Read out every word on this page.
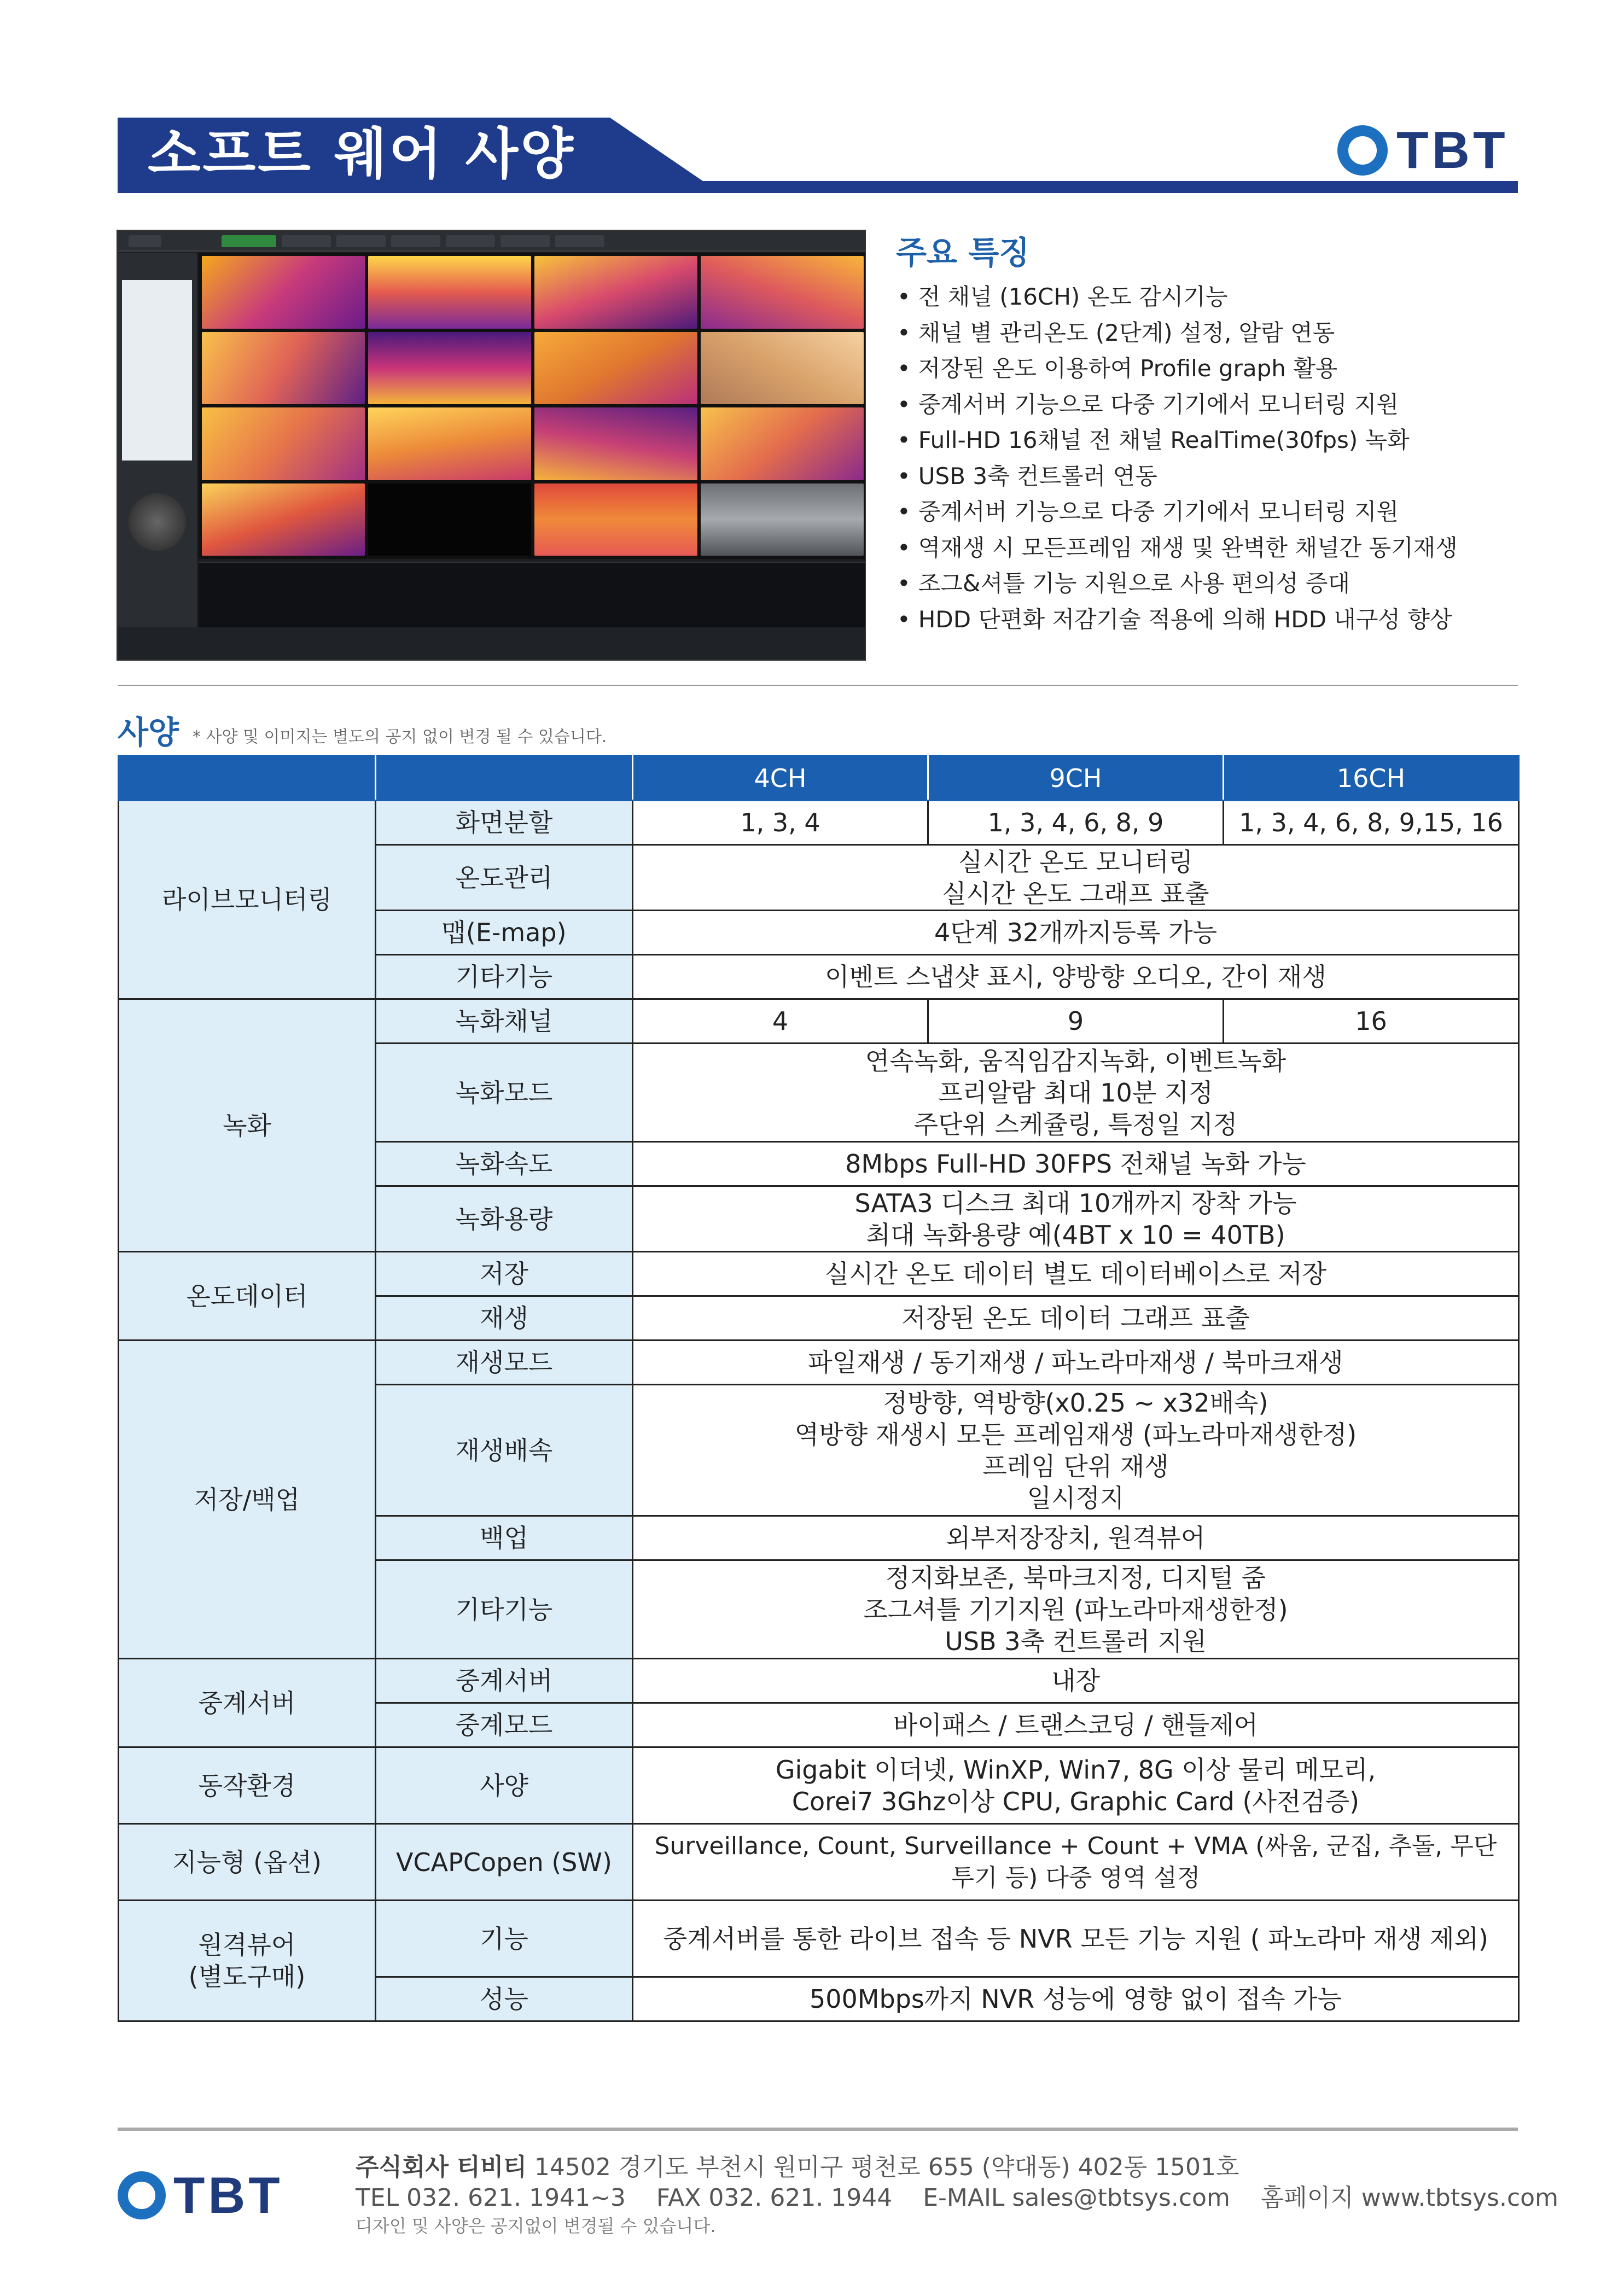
소프트 웨어 사양	TBT
주요 특징
• 전 채널 (16CH) 온도 감시기능
• 채널 별 관리온도 (2단계) 설정, 알람 연동
• 저장된 온도 이용하여 Profile graph 활용
• 중계서버 기능으로 다중 기기에서 모니터링 지원
• Full-HD 16채널 전 채널 RealTime(30fps) 녹화
• USB 3축 컨트롤러 연동
• 중계서버 기능으로 다중 기기에서 모니터링 지원
• 역재생 시 모든프레임 재생 및 완벽한 채널간 동기재생
• 조그&셔틀 기능 지원으로 사용 편의성 증대
• HDD 단편화 저감기술 적용에 의해 HDD 내구성 향상
사양 * 사양 및 이미지는 별도의 공지 없이 변경 될 수 있습니다.
		4CH	9CH	16CH
라이브모니터링	화면분할	1, 3, 4	1, 3, 4, 6, 8, 9	1, 3, 4, 6, 8, 9,15, 16
	온도관리	실시간 온도 모니터링
실시간 온도 그래프 표출		

	맵(E-map)	4단계 32개까지등록 가능		
	기타기능	이벤트 스냅샷 표시, 양방향 오디오, 간이 재생		
녹화	녹화채널	4	9	16
	녹화모드	연속녹화, 움직임감지녹화, 이벤트녹화
프리알람 최대 10분 지정
주단위 스케쥴링, 특정일 지정		

	녹화속도	8Mbps Full-HD 30FPS 전채널 녹화 가능		
	녹화용량	SATA3 디스크 최대 10개까지 장착 가능
최대 녹화용량 예(4BT x 10 = 40TB)		

온도데이터	저장	실시간 온도 데이터 별도 데이터베이스로 저장		
	재생	저장된 온도 데이터 그래프 표출		
저장/백업	재생모드	파일재생 / 동기재생 / 파노라마재생 / 북마크재생		
	재생배속	정방향, 역방향(x0.25 ~ x32배속)
역방향 재생시 모든 프레임재생 (파노라마재생한정)
프레임 단위 재생
일시정지		

	백업	외부저장장치, 원격뷰어		
	기타기능	정지화보존, 북마크지정, 디지털 줌
조그셔틀 기기지원 (파노라마재생한정)
USB 3축 컨트롤러 지원		

중계서버	중계서버	내장		
	중계모드	바이패스 / 트랜스코딩 / 핸들제어		
동작환경	사양	Gigabit 이더넷, WinXP, Win7, 8G 이상 물리 메모리,
Corei7 3Ghz이상 CPU, Graphic Card (사전검증)		

지능형 (옵션)	VCAPCopen (SW)	Surveillance, Count, Surveillance + Count + VMA (싸움, 군집, 추돌, 무단
투기 등) 다중 영역 설정		

원격뷰어
(별도구매)	기능	중계서버를 통한 라이브 접속 등 NVR 모든 기능 지원 ( 파노라마 재생 제외)		
	성능	500Mbps까지 NVR 성능에 영향 없이 접속 가능		
TBT	주식회사 티비티 14502 경기도 부천시 원미구 평천로 655 (약대동) 402동 1501호
TEL 032. 621. 1941~3    FAX 032. 621. 1944    E-MAIL sales@tbtsys.com    홈페이지 www.tbtsys.com
디자인 및 사양은 공지없이 변경될 수 있습니다.
